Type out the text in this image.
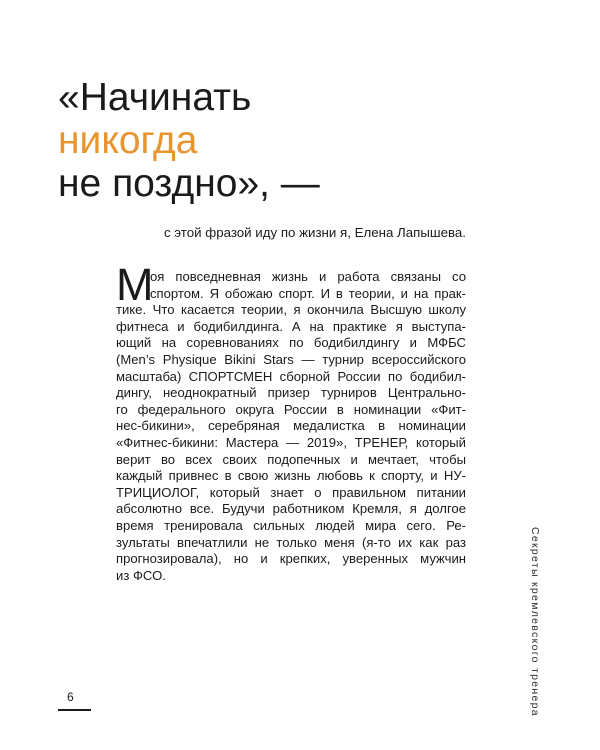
«Начинать
никогда
не поздно», —
с этой фразой иду по жизни я, Елена Лапышева.
М
оя повседневная жизнь и работа связаны со
спортом. Я обожаю спорт. И в теории, и на прак-
тике. Что касается теории, я окончила Высшую школу
фитнеса и бодибилдинга. А на практике я выступа-
ющий на соревнованиях по бодибилдингу и МФБС
(Men’s Physique Bikini Stars — турнир всероссийского
масштаба) СПОРТСМЕН сборной России по бодибил-
дингу, неоднократный призер турниров Центрально-
го федерального округа России в номинации «Фит-
нес-бикини», серебряная медалистка в номинации
«Фитнес-бикини: Мастера — 2019», ТРЕНЕР, который
верит во всех своих подопечных и мечтает, чтобы
каждый привнес в свою жизнь любовь к спорту, и НУ-
ТРИЦИОЛОГ, который знает о правильном питании
абсолютно все. Будучи работником Кремля, я долгое
время тренировала сильных людей мира сего. Ре-
зультаты впечатлили не только меня (я-то их как раз
прогнозировала), но и крепких, уверенных мужчин
из ФСО.
6	Секреты кремлевского тренера
